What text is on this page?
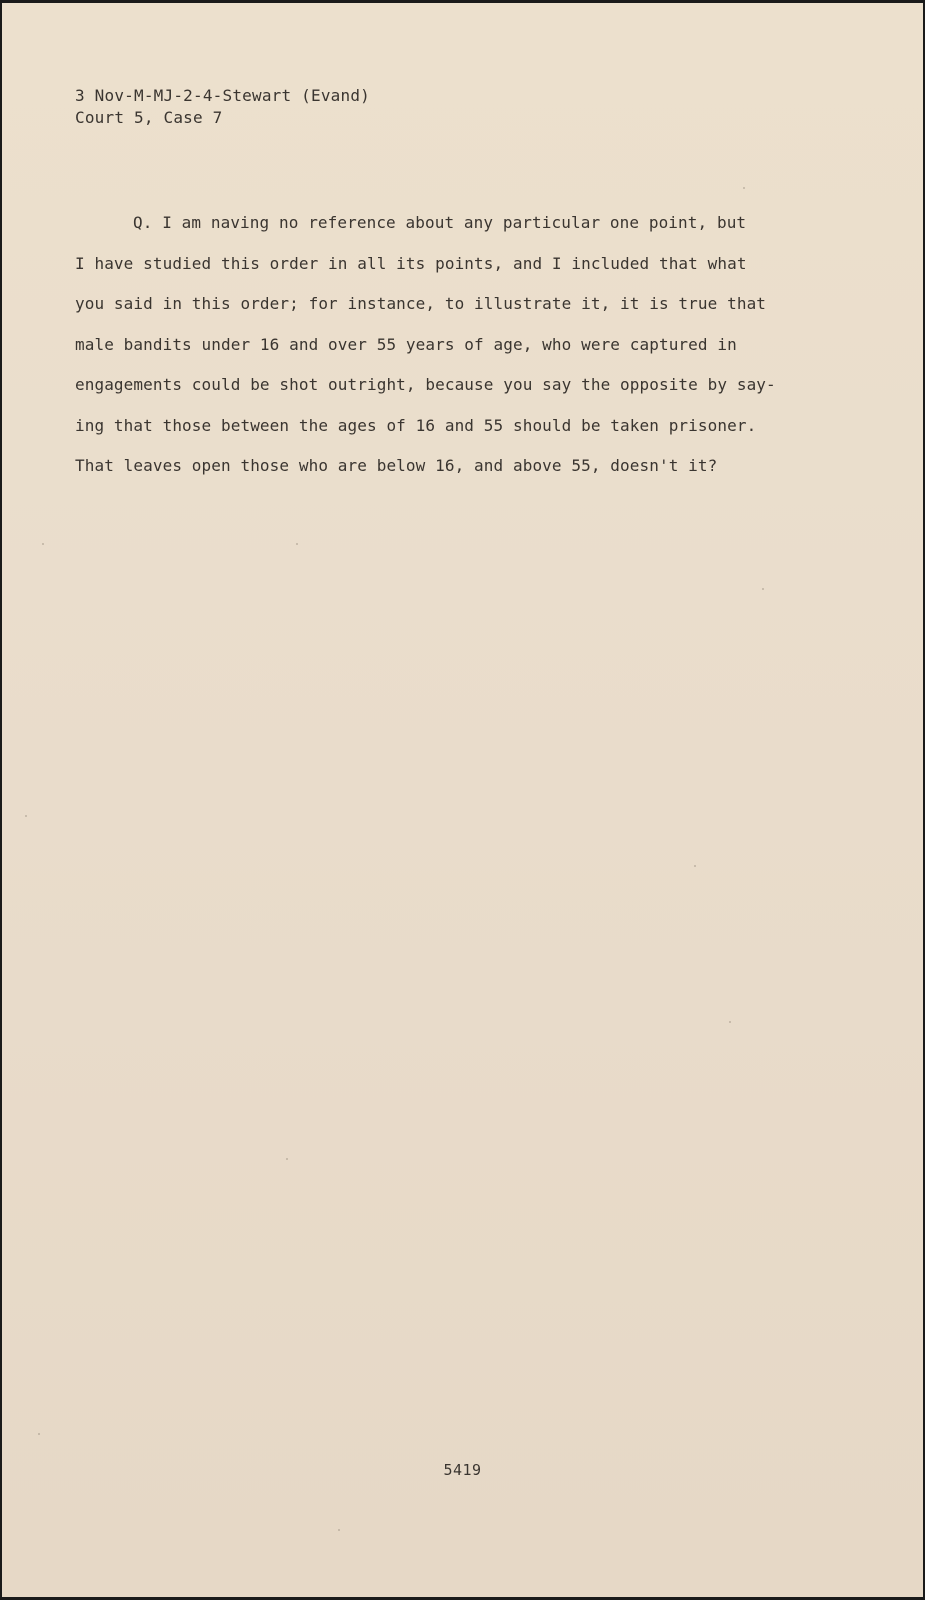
3 Nov-M-MJ-2-4-Stewart (Evand)
Court 5, Case 7
Q. I am naving no reference about any particular one point, but
I have studied this order in all its points, and I included that what
you said in this order; for instance, to illustrate it, it is true that
male bandits under 16 and over 55 years of age, who were captured in
engagements could be shot outright, because you say the opposite by say-
ing that those between the ages of 16 and 55 should be taken prisoner.
That leaves open those who are below 16, and above 55, doesn't it?
5419
